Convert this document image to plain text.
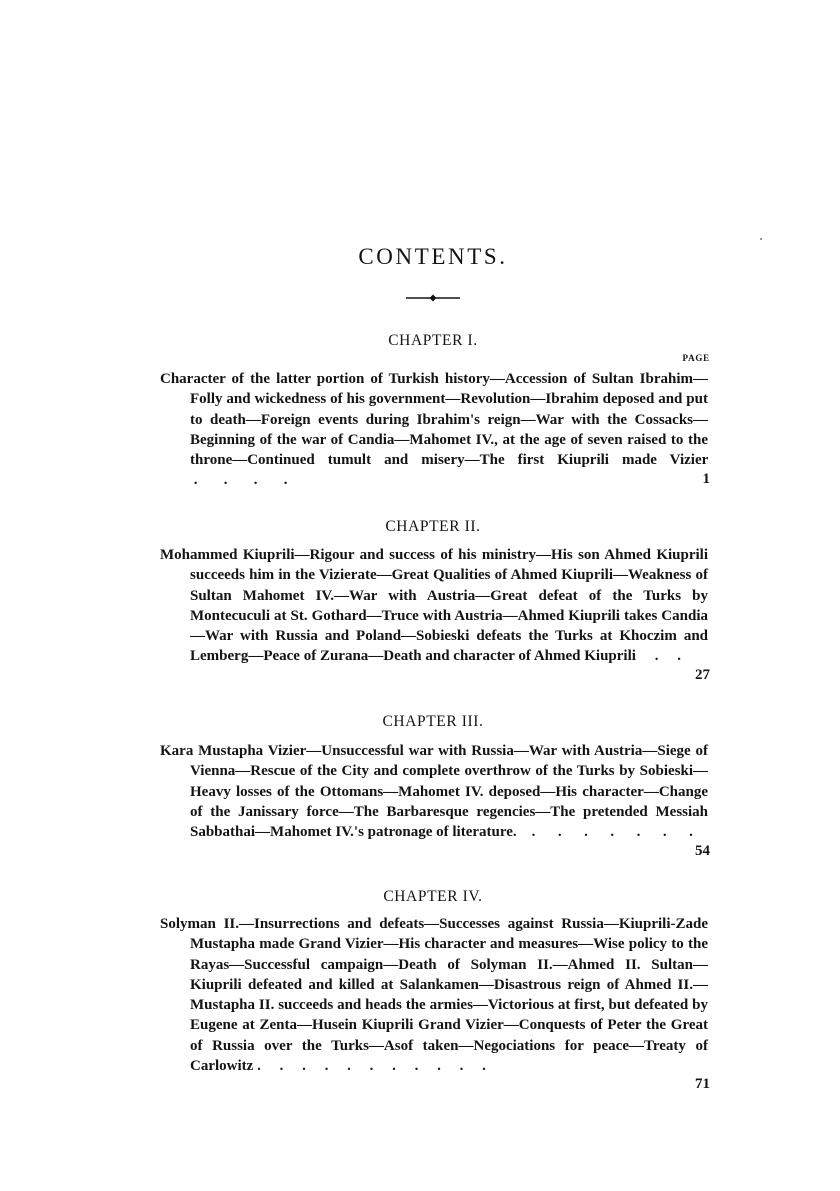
CONTENTS.
CHAPTER I.
PAGE

Character of the latter portion of Turkish history—Accession of Sultan Ibrahim—Folly and wickedness of his government—Revolution—Ibrahim deposed and put to death—Foreign events during Ibrahim's reign—War with the Cossacks—Beginning of the war of Candia—Mahomet IV., at the age of seven raised to the throne—Continued tumult and misery—The first Kiuprili made Vizier .       .       .       .	1
CHAPTER II.

Mohammed Kiuprili—Rigour and success of his ministry—His son Ahmed Kiuprili succeeds him in the Vizierate—Great Qualities of Ahmed Kiuprili—Weakness of Sultan Mahomet IV.—War with Austria—Great defeat of the Turks by Montecuculi at St. Gothard—Truce with Austria—Ahmed Kiuprili takes Candia—War with Russia and Poland—Sobieski defeats the Turks at Khoczim and Lemberg—Peace of Zurana—Death and character of Ahmed Kiuprili     .     .

27
CHAPTER III.

Kara Mustapha Vizier—Unsuccessful war with Russia—War with Austria—Siege of Vienna—Rescue of the City and complete overthrow of the Turks by Sobieski—Heavy losses of the Ottomans—Mahomet IV. deposed—His character—Change of the Janissary force—The Barbaresque regencies—The pretended Messiah Sabbathai—Mahomet IV.'s patronage of literature.    .      .      .      .      .      .      .

54
CHAPTER IV.

Solyman II.—Insurrections and defeats—Successes against Russia—Kiuprili-Zade Mustapha made Grand Vizier—His character and measures—Wise policy to the Rayas—Successful campaign—Death of Solyman II.—Ahmed II. Sultan—Kiuprili defeated and killed at Salankamen—Disastrous reign of Ahmed II.—Mustapha II. succeeds and heads the armies—Victorious at first, but defeated by Eugene at Zenta—Husein Kiuprili Grand Vizier—Conquests of Peter the Great of Russia over the Turks—Asof taken—Negociations for peace—Treaty of Carlowitz .     .     .     .     .     .     .     .     .     .     .

71
